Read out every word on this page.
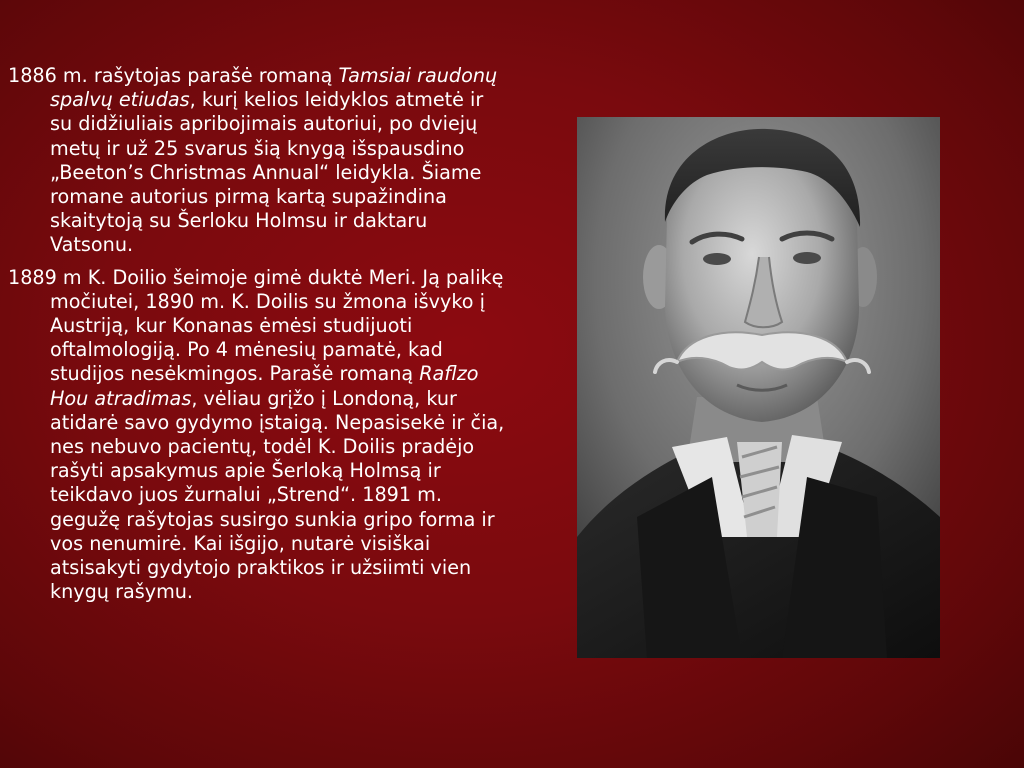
1886 m. rašytojas parašė romaną Tamsiai raudonų spalvų etiudas, kurį kelios leidyklos atmetė ir su didžiuliais apribojimais autoriui, po dviejų metų ir už 25 svarus šią knygą išspausdino „Beeton’s Christmas Annual“ leidykla. Šiame romane autorius pirmą kartą supažindina skaitytoją su Šerloku Holmsu ir daktaru Vatsonu.

1889 m K. Doilio šeimoje gimė duktė Meri. Ją palikę močiutei, 1890 m. K. Doilis su žmona išvyko į Austriją, kur Konanas ėmėsi studijuoti oftalmologiją. Po 4 mėnesių pamatė, kad studijos nesėkmingos. Parašė romaną Raflzo Hou atradimas, vėliau grįžo į Londoną, kur atidarė savo gydymo įstaigą. Nepasisekė ir čia, nes nebuvo pacientų, todėl K. Doilis pradėjo rašyti apsakymus apie Šerloką Holmsą ir teikdavo juos žurnalui „Strend“. 1891 m. gegužę rašytojas susirgo sunkia gripo forma ir vos nenumirė. Kai išgijo, nutarė visiškai atsisakyti gydytojo praktikos ir užsiimti vien knygų rašymu.
